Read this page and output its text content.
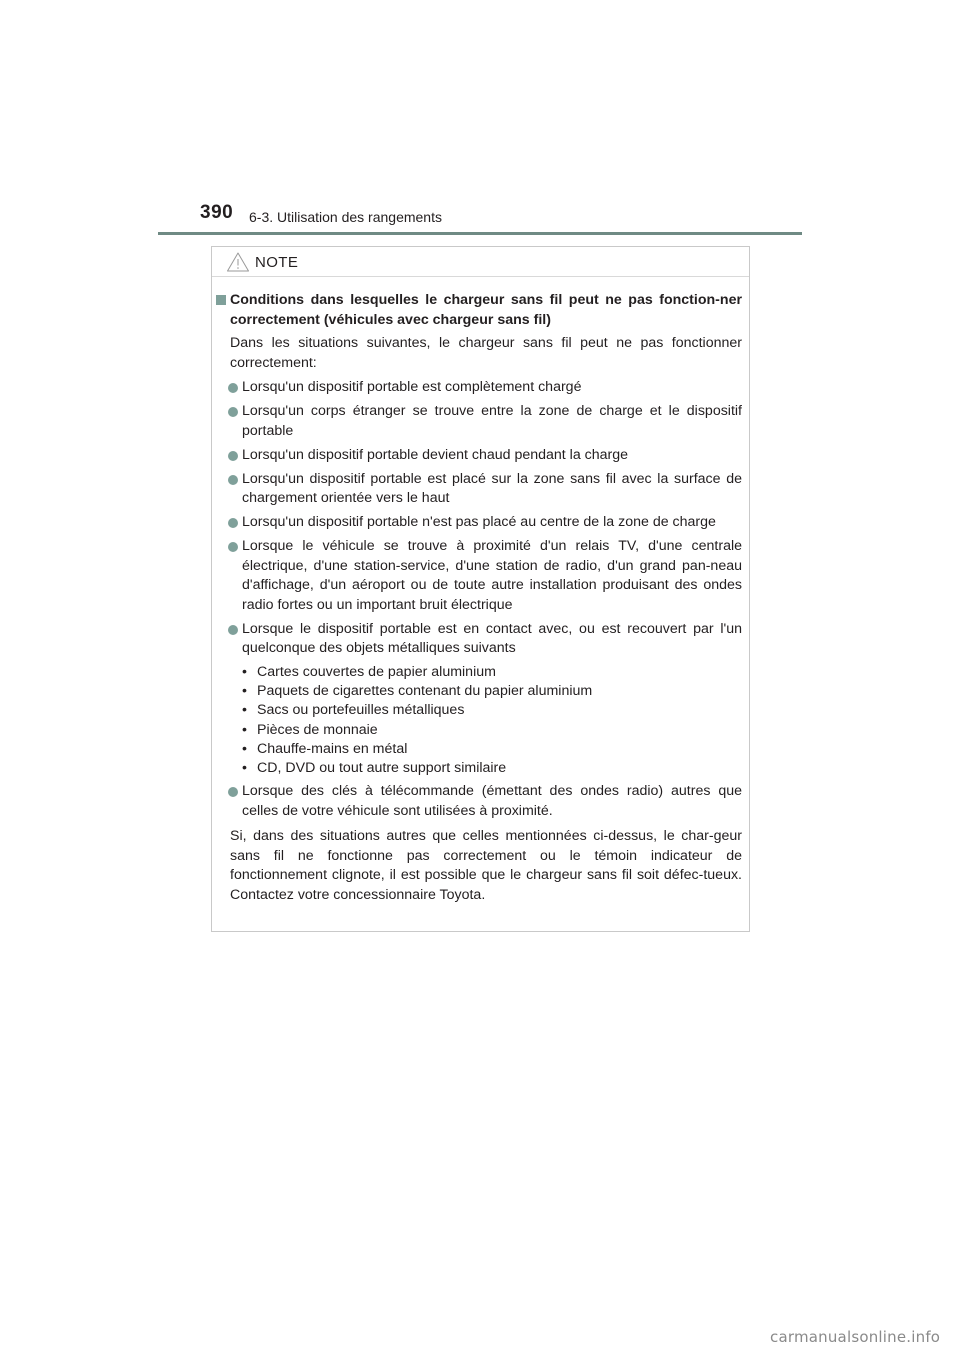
390 6-3. Utilisation des rangements
NOTE
Conditions dans lesquelles le chargeur sans fil peut ne pas fonction-ner correctement (véhicules avec chargeur sans fil)
Dans les situations suivantes, le chargeur sans fil peut ne pas fonctionner correctement:
Lorsqu'un dispositif portable est complètement chargé
Lorsqu'un corps étranger se trouve entre la zone de charge et le dispositif portable
Lorsqu'un dispositif portable devient chaud pendant la charge
Lorsqu'un dispositif portable est placé sur la zone sans fil avec la surface de chargement orientée vers le haut
Lorsqu'un dispositif portable n'est pas placé au centre de la zone de charge
Lorsque le véhicule se trouve à proximité d'un relais TV, d'une centrale électrique, d'une station-service, d'une station de radio, d'un grand pan-neau d'affichage, d'un aéroport ou de toute autre installation produisant des ondes radio fortes ou un important bruit électrique
Lorsque le dispositif portable est en contact avec, ou est recouvert par l'un quelconque des objets métalliques suivants
• Cartes couvertes de papier aluminium
• Paquets de cigarettes contenant du papier aluminium
• Sacs ou portefeuilles métalliques
• Pièces de monnaie
• Chauffe-mains en métal
• CD, DVD ou tout autre support similaire
Lorsque des clés à télécommande (émettant des ondes radio) autres que celles de votre véhicule sont utilisées à proximité.
Si, dans des situations autres que celles mentionnées ci-dessus, le char-geur sans fil ne fonctionne pas correctement ou le témoin indicateur de fonctionnement clignote, il est possible que le chargeur sans fil soit défec-tueux. Contactez votre concessionnaire Toyota.
carmanualsonline.info
